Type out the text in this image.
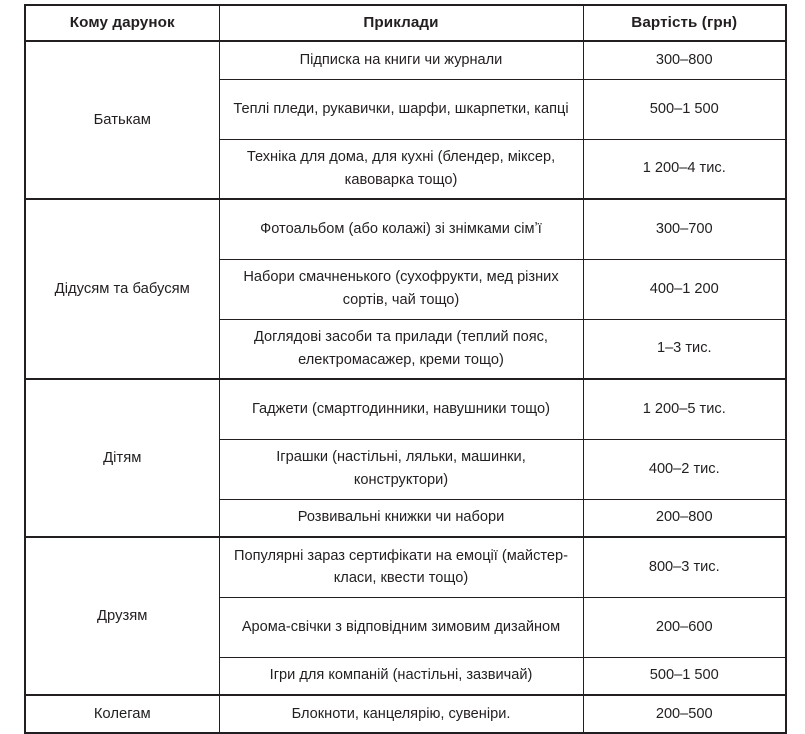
Кому дарунок	Приклади	Вартість (грн)
Батькам	Підписка на книги чи журнали	300–800
	Теплі пледи, рукавички, шарфи, шкарпетки, капці	500–1 500
	Техніка для дома, для кухні (блендер, міксер, кавоварка тощо)	1 200–4 тис.
Дідусям та бабусям	Фотоальбом (або колажі) зі знімками сімʼї	300–700
	Набори смачненького (сухофрукти, мед різних сортів, чай тощо)	400–1 200
	Доглядові засоби та прилади (теплий пояс, електромасажер, креми тощо)	1–3 тис.
Дітям	Гаджети (смартгодинники, навушники тощо)	1 200–5 тис.
	Іграшки (настільні, ляльки, машинки, конструктори)	400–2 тис.
	Розвивальні книжки чи набори	200–800
Друзям	Популярні зараз сертифікати на емоції (майстер-класи, квести тощо)	800–3 тис.
	Арома-свічки з відповідним зимовим дизайном	200–600
	Ігри для компаній (настільні, зазвичай)	500–1 500
Колегам	Блокноти, канцелярію, сувеніри.	200–500
